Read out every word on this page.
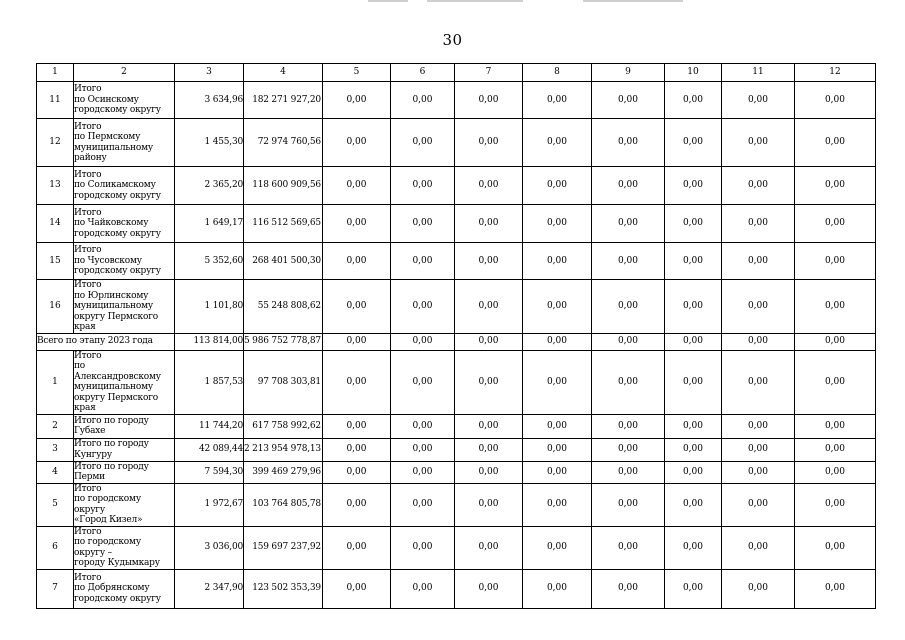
30
1	2	3	4	5	6	7	8	9	10	11	12
11	Итого
по Осинскому
городскому округу	3 634,96	182 271 927,20	0,00	0,00	0,00	0,00	0,00	0,00	0,00	0,00
12	Итого
по Пермскому
муниципальному
району	1 455,30	72 974 760,56	0,00	0,00	0,00	0,00	0,00	0,00	0,00	0,00
13	Итого
по Соликамскому
городскому округу	2 365,20	118 600 909,56	0,00	0,00	0,00	0,00	0,00	0,00	0,00	0,00
14	Итого
по Чайковскому
городскому округу	1 649,17	116 512 569,65	0,00	0,00	0,00	0,00	0,00	0,00	0,00	0,00
15	Итого
по Чусовскому
городскому округу	5 352,60	268 401 500,30	0,00	0,00	0,00	0,00	0,00	0,00	0,00	0,00
16	Итого
по Юрлинскому
муниципальному
округу Пермского края	1 101,80	55 248 808,62	0,00	0,00	0,00	0,00	0,00	0,00	0,00	0,00
Всего по этапу 2023 года		113 814,00	5 986 752 778,87	0,00	0,00	0,00	0,00	0,00	0,00	0,00	0,00
1	Итого
по Александровскому
муниципальному
округу Пермского края	1 857,53	97 708 303,81	0,00	0,00	0,00	0,00	0,00	0,00	0,00	0,00
2	Итого по городу
Губахе	11 744,20	617 758 992,62	0,00	0,00	0,00	0,00	0,00	0,00	0,00	0,00
3	Итого по городу
Кунгуру	42 089,44	2 213 954 978,13	0,00	0,00	0,00	0,00	0,00	0,00	0,00	0,00
4	Итого по городу Перми	7 594,30	399 469 279,96	0,00	0,00	0,00	0,00	0,00	0,00	0,00	0,00
5	Итого
по городскому округу
«Город Кизел»	1 972,67	103 764 805,78	0,00	0,00	0,00	0,00	0,00	0,00	0,00	0,00
6	Итого
по городскому округу –
городу Кудымкару	3 036,00	159 697 237,92	0,00	0,00	0,00	0,00	0,00	0,00	0,00	0,00
7	Итого
по Добрянскому
городскому округу	2 347,90	123 502 353,39	0,00	0,00	0,00	0,00	0,00	0,00	0,00	0,00
